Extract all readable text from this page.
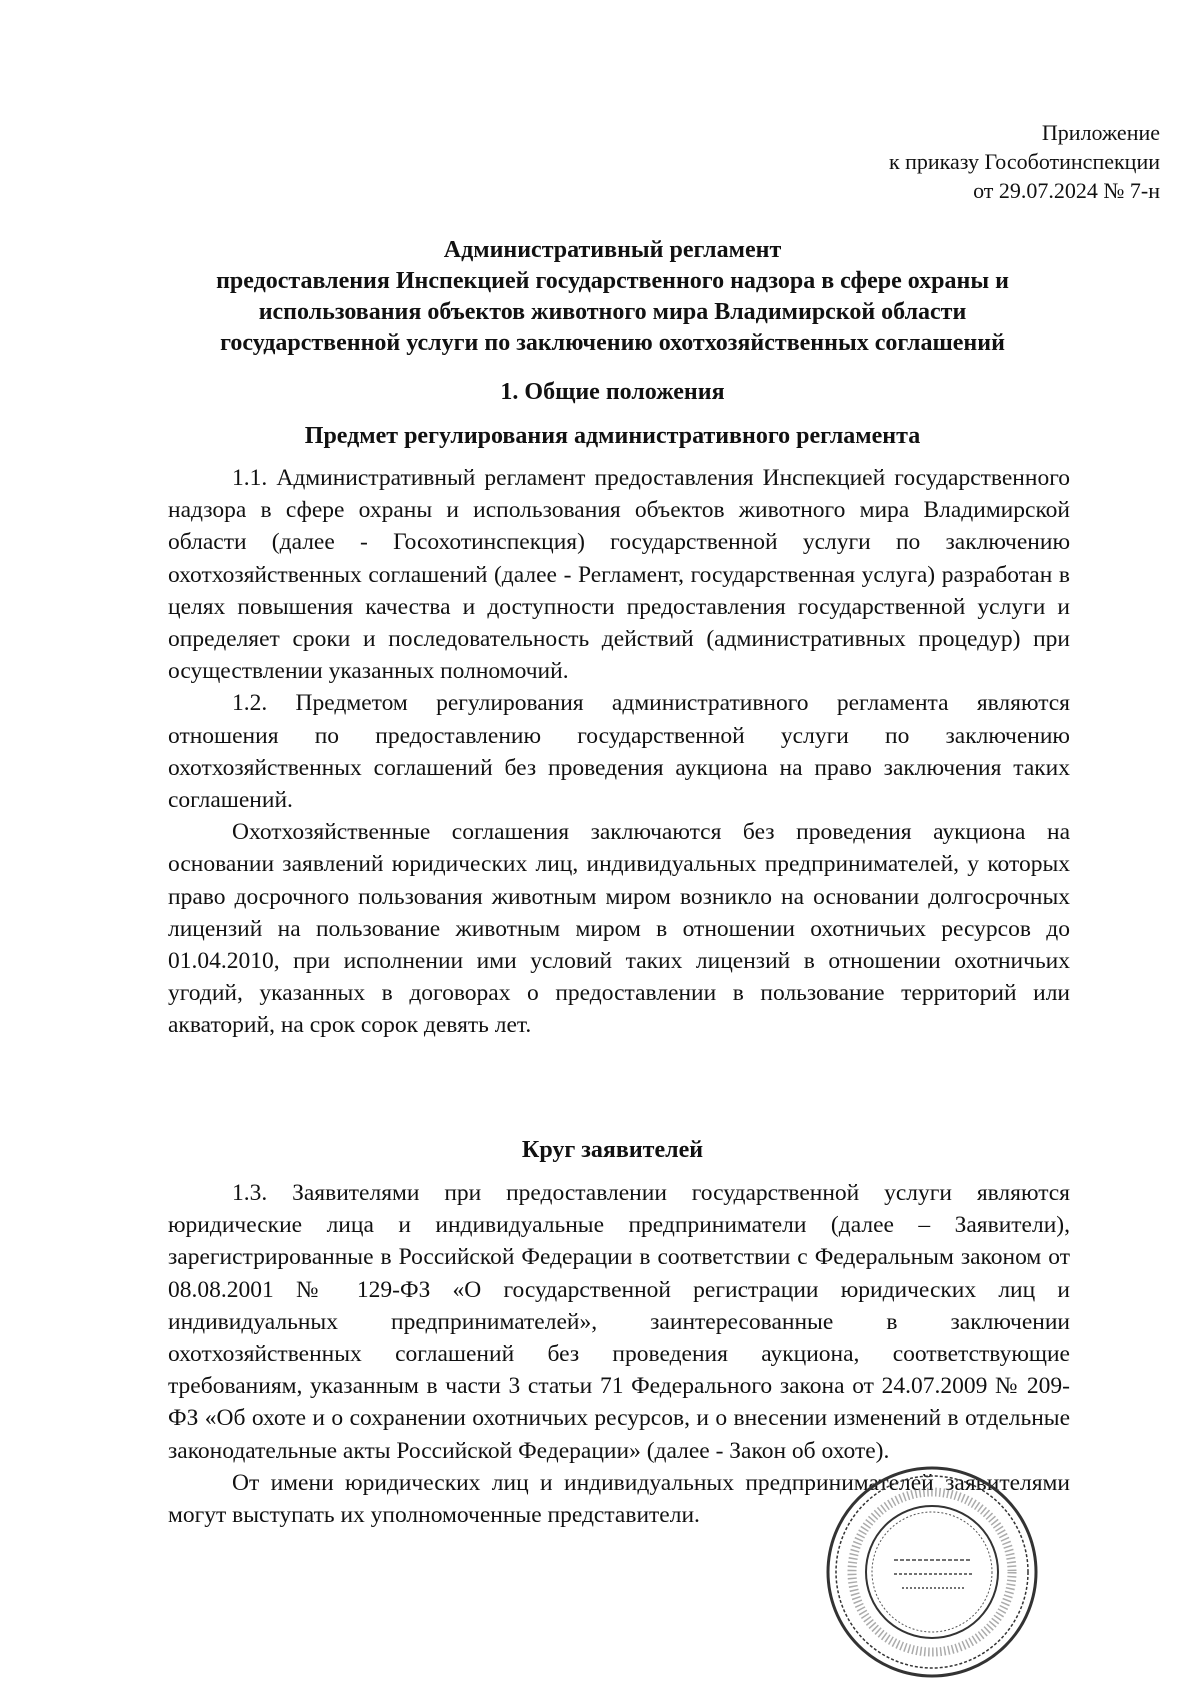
Приложение
к приказу Гособотинспекции
от 29.07.2024 № 7-н
Административный регламент
предоставления Инспекцией государственного надзора в сфере охраны и
использования объектов животного мира Владимирской области
государственной услуги по заключению охотхозяйственных соглашений
1. Общие положения
Предмет регулирования административного регламента

1.1. Административный регламент предоставления Инспекцией государственного надзора в сфере охраны и использования объектов животного мира Владимирской области (далее - Госохотинспекция) государственной услуги по заключению охотхозяйственных соглашений (далее - Регламент, государственная услуга) разработан в целях повышения качества и доступности предоставления государственной услуги и определяет сроки и последовательность действий (административных процедур) при осуществлении указанных полномочий.

1.2. Предметом регулирования административного регламента являются отношения по предоставлению государственной услуги по заключению охотхозяйственных соглашений без проведения аукциона на право заключения таких соглашений.

Охотхозяйственные соглашения заключаются без проведения аукциона на основании заявлений юридических лиц, индивидуальных предпринимателей, у которых право досрочного пользования животным миром возникло на основании долгосрочных лицензий на пользование животным миром в отношении охотничьих ресурсов до 01.04.2010, при исполнении ими условий таких лицензий в отношении охотничьих угодий, указанных в договорах о предоставлении в пользование территорий или акваторий, на срок сорок девять лет.

Круг заявителей

1.3. Заявителями при предоставлении государственной услуги являются юридические лица и индивидуальные предприниматели (далее – Заявители), зарегистрированные в Российской Федерации в соответствии с Федеральным законом от 08.08.2001 № 129-ФЗ «О государственной регистрации юридических лиц и индивидуальных предпринимателей», заинтересованные в заключении охотхозяйственных соглашений без проведения аукциона, соответствующие требованиям, указанным в части 3 статьи 71 Федерального закона от 24.07.2009 № 209-ФЗ «Об охоте и о сохранении охотничьих ресурсов, и о внесении изменений в отдельные законодательные акты Российской Федерации» (далее - Закон об охоте).

От имени юридических лиц и индивидуальных предпринимателей заявителями могут выступать их уполномоченные представители.
